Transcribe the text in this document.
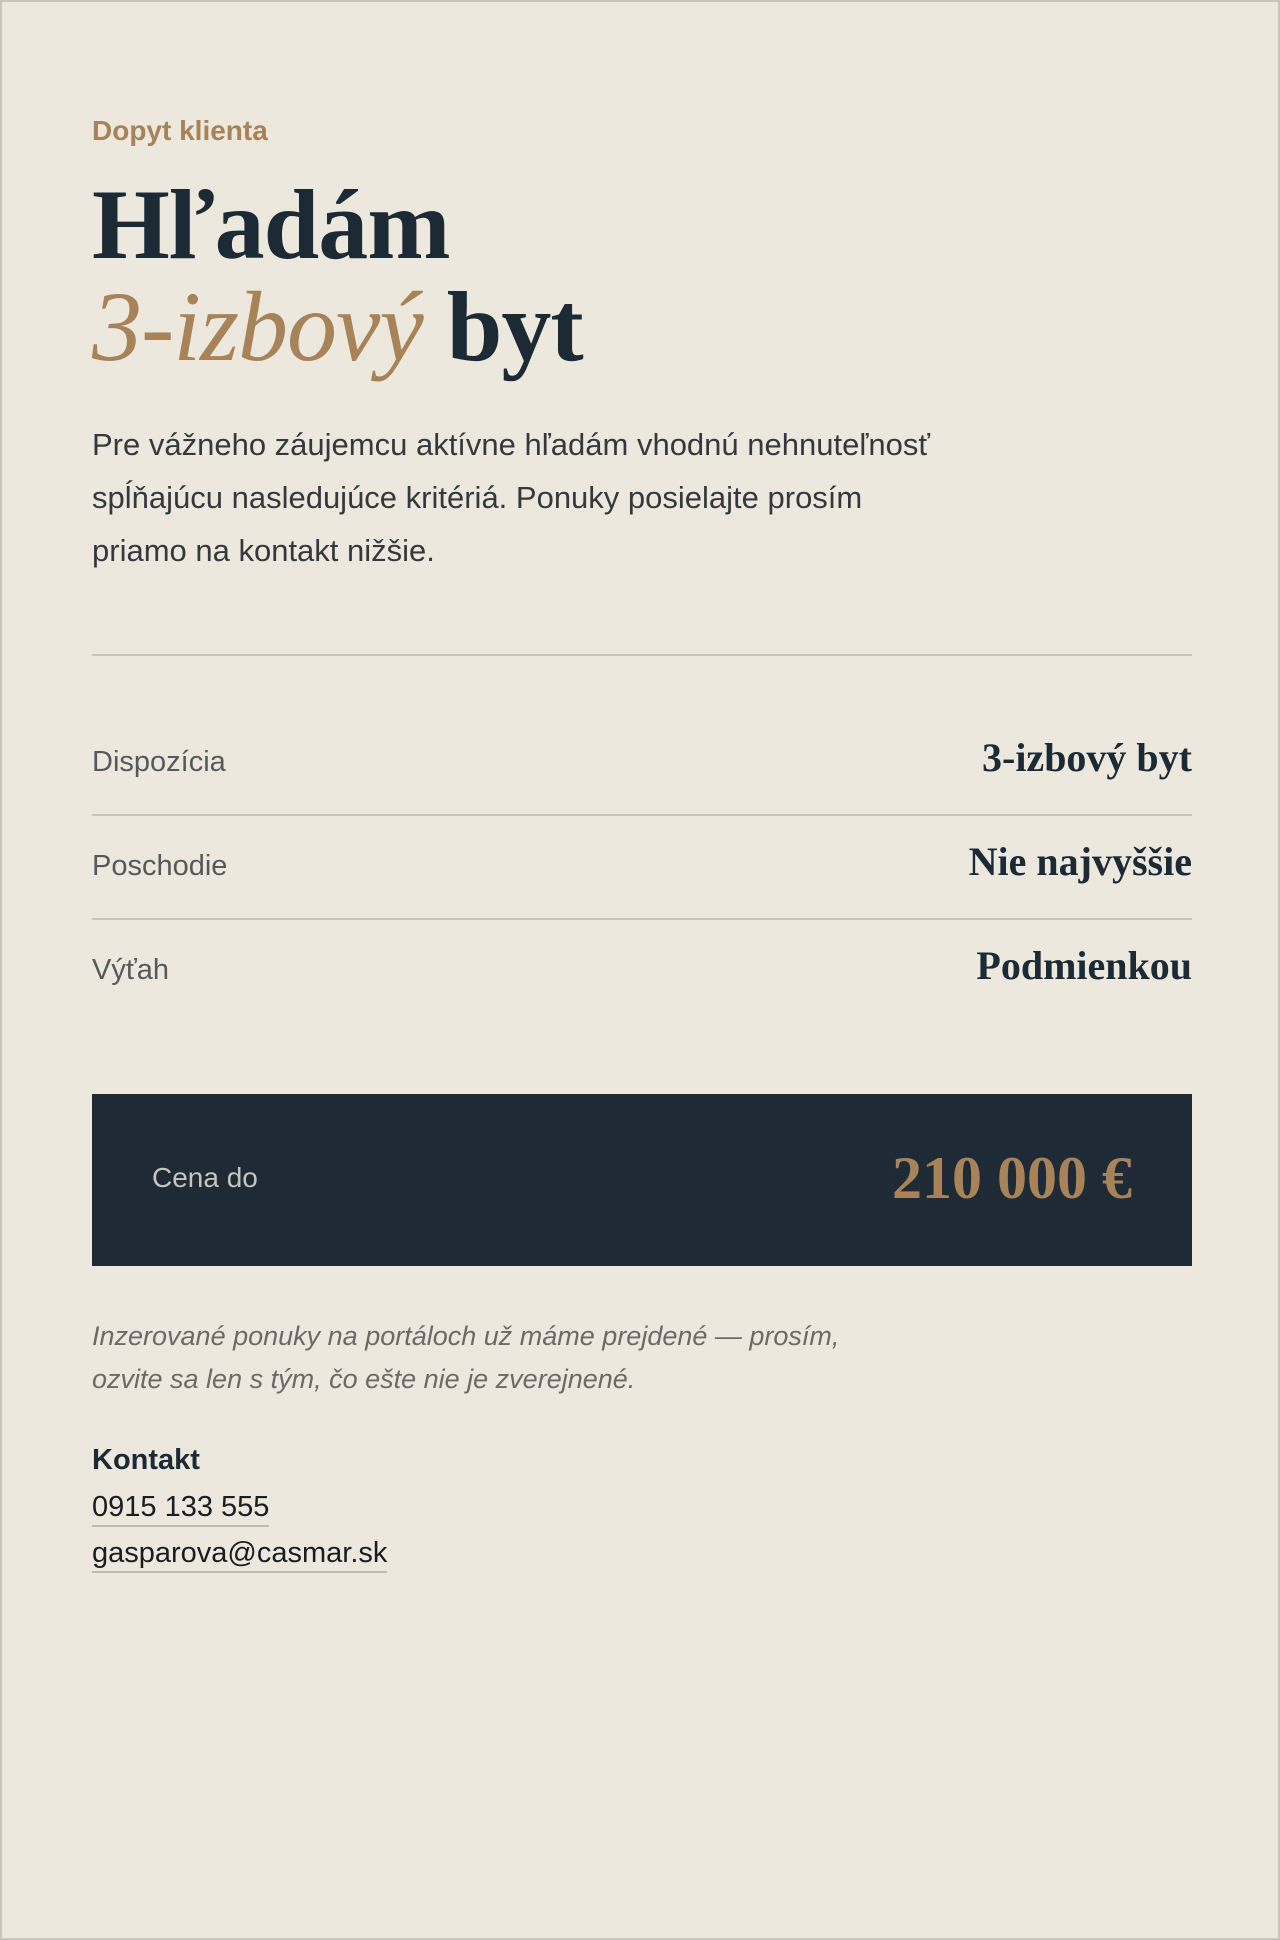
Dopyt klienta
Hľadám
3-izbový byt

Pre vážneho záujemcu aktívne hľadám vhodnú nehnuteľnosť spĺňajúcu nasledujúce kritériá. Ponuky posielajte prosím priamo na kontakt nižšie.

Dispozícia	3-izbový byt
Poschodie	Nie najvyššie
Výťah	Podmienkou
Cena do	210 000 €

Inzerované ponuky na portáloch už máme prejdené — prosím, ozvite sa len s tým, čo ešte nie je zverejnené.

Kontakt
0915 133 555
gasparova@casmar.sk
